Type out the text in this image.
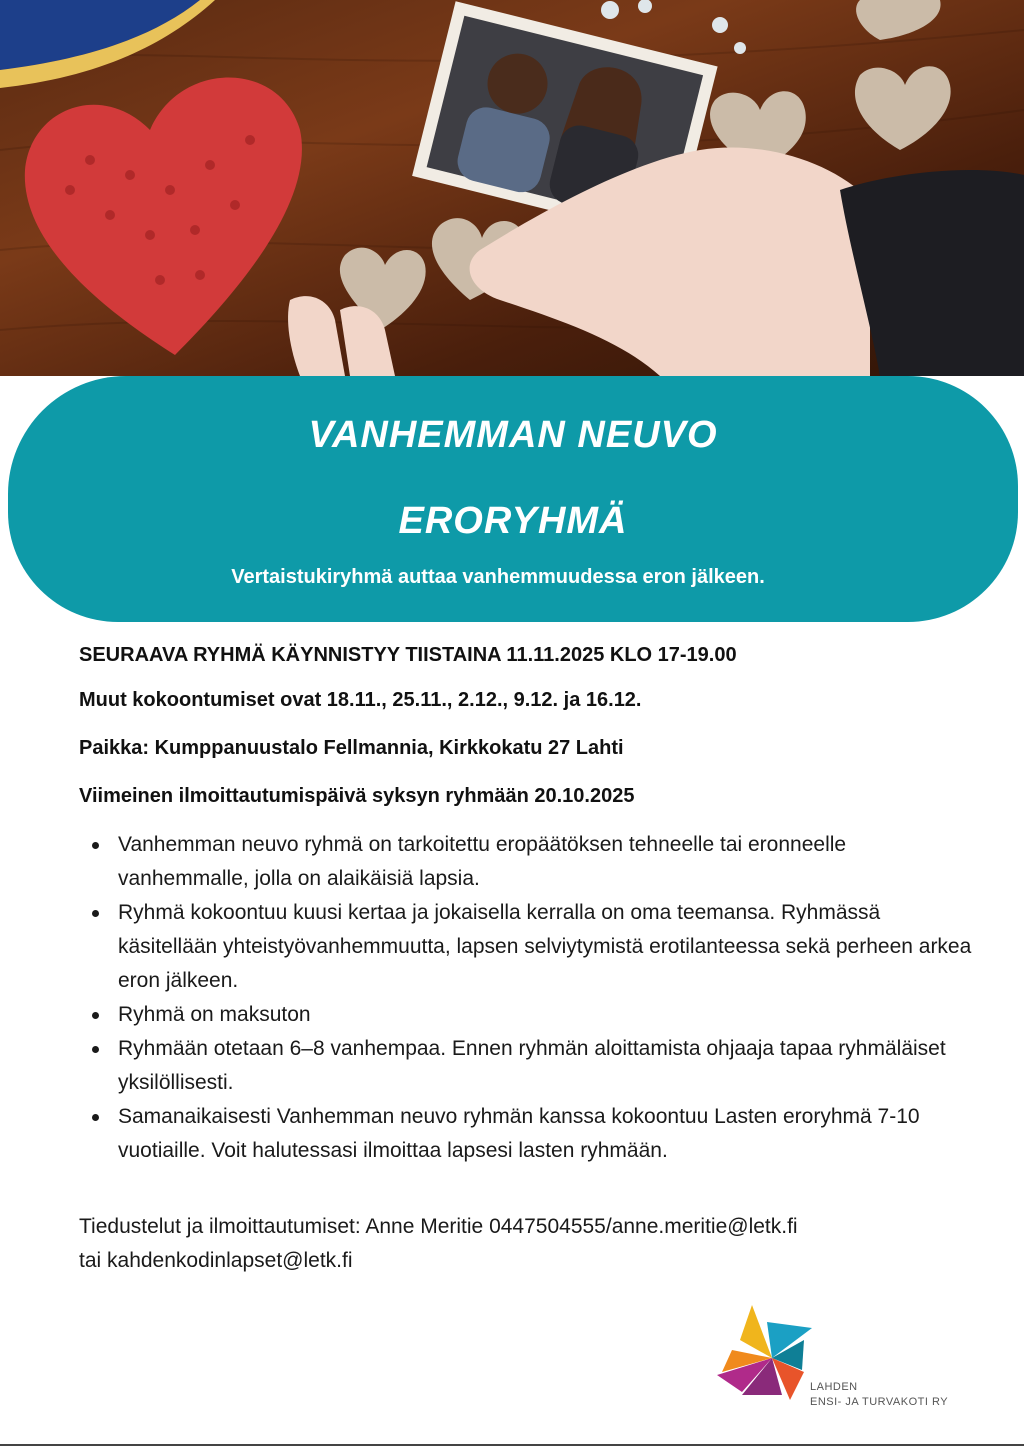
VANHEMMAN NEUVO
ERORYHMÄ
Vertaistukiryhmä auttaa vanhemmuudessa eron jälkeen.
SEURAAVA RYHMÄ KÄYNNISTYY TIISTAINA 11.11.2025 KLO 17-19.00
Muut kokoontumiset ovat 18.11., 25.11., 2.12., 9.12. ja 16.12.
Paikka: Kumppanuustalo Fellmannia, Kirkkokatu 27 Lahti
Viimeinen ilmoittautumispäivä syksyn ryhmään 20.10.2025
Vanhemman neuvo ryhmä on tarkoitettu eropäätöksen tehneelle tai eronneelle vanhemmalle, jolla on alaikäisiä lapsia.
Ryhmä kokoontuu kuusi kertaa ja jokaisella kerralla on oma teemansa. Ryhmässä käsitellään yhteistyövanhemmuutta, lapsen selviytymistä erotilanteessa sekä perheen arkea eron jälkeen.
Ryhmä on maksuton
Ryhmään otetaan 6–8 vanhempaa. Ennen ryhmän aloittamista ohjaaja tapaa ryhmäläiset yksilöllisesti.
Samanaikaisesti Vanhemman neuvo ryhmän kanssa kokoontuu Lasten eroryhmä 7-10 vuotiaille. Voit halutessasi ilmoittaa lapsesi lasten ryhmään.
Tiedustelut ja ilmoittautumiset: Anne Meritie 0447504555/anne.meritie@letk.fi
tai kahdenkodinlapset@letk.fi
LAHDEN
ENSI- JA TURVAKOTI RY
